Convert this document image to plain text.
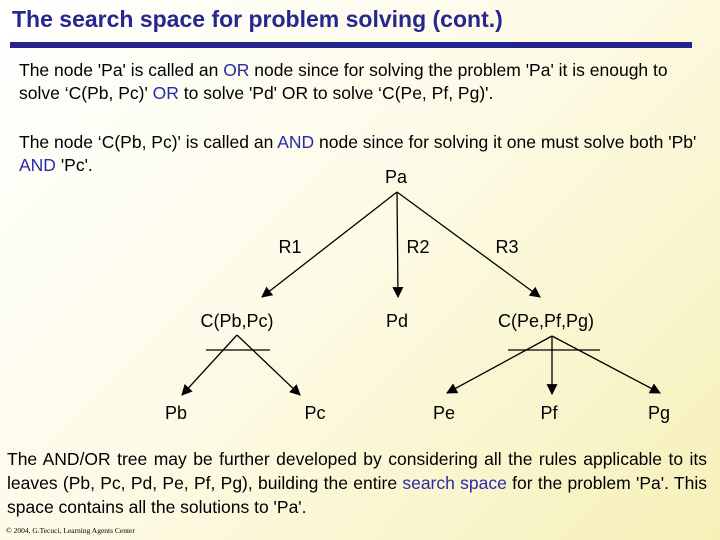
The search space for problem solving (cont.)
The node 'Pa' is called an OR node since for solving the problem 'Pa' it is enough to solve ‘C(Pb, Pc)' OR to solve 'Pd' OR to solve ‘C(Pe, Pf, Pg)'.
The node ‘C(Pb, Pc)' is called an AND node since for solving it one must solve both 'Pb' AND 'Pc'.
Pa
R1	R2	R3
C(Pb,Pc)	Pd	C(Pe,Pf,Pg)
Pb	Pc	Pe	Pf	Pg
The AND/OR tree may be further developed by considering all the rules applicable to its leaves (Pb, Pc, Pd, Pe, Pf, Pg), building the entire search space for the problem 'Pa'. This space contains all the solutions to 'Pa'.
© 2004, G.Tecuci, Learning Agents Center
